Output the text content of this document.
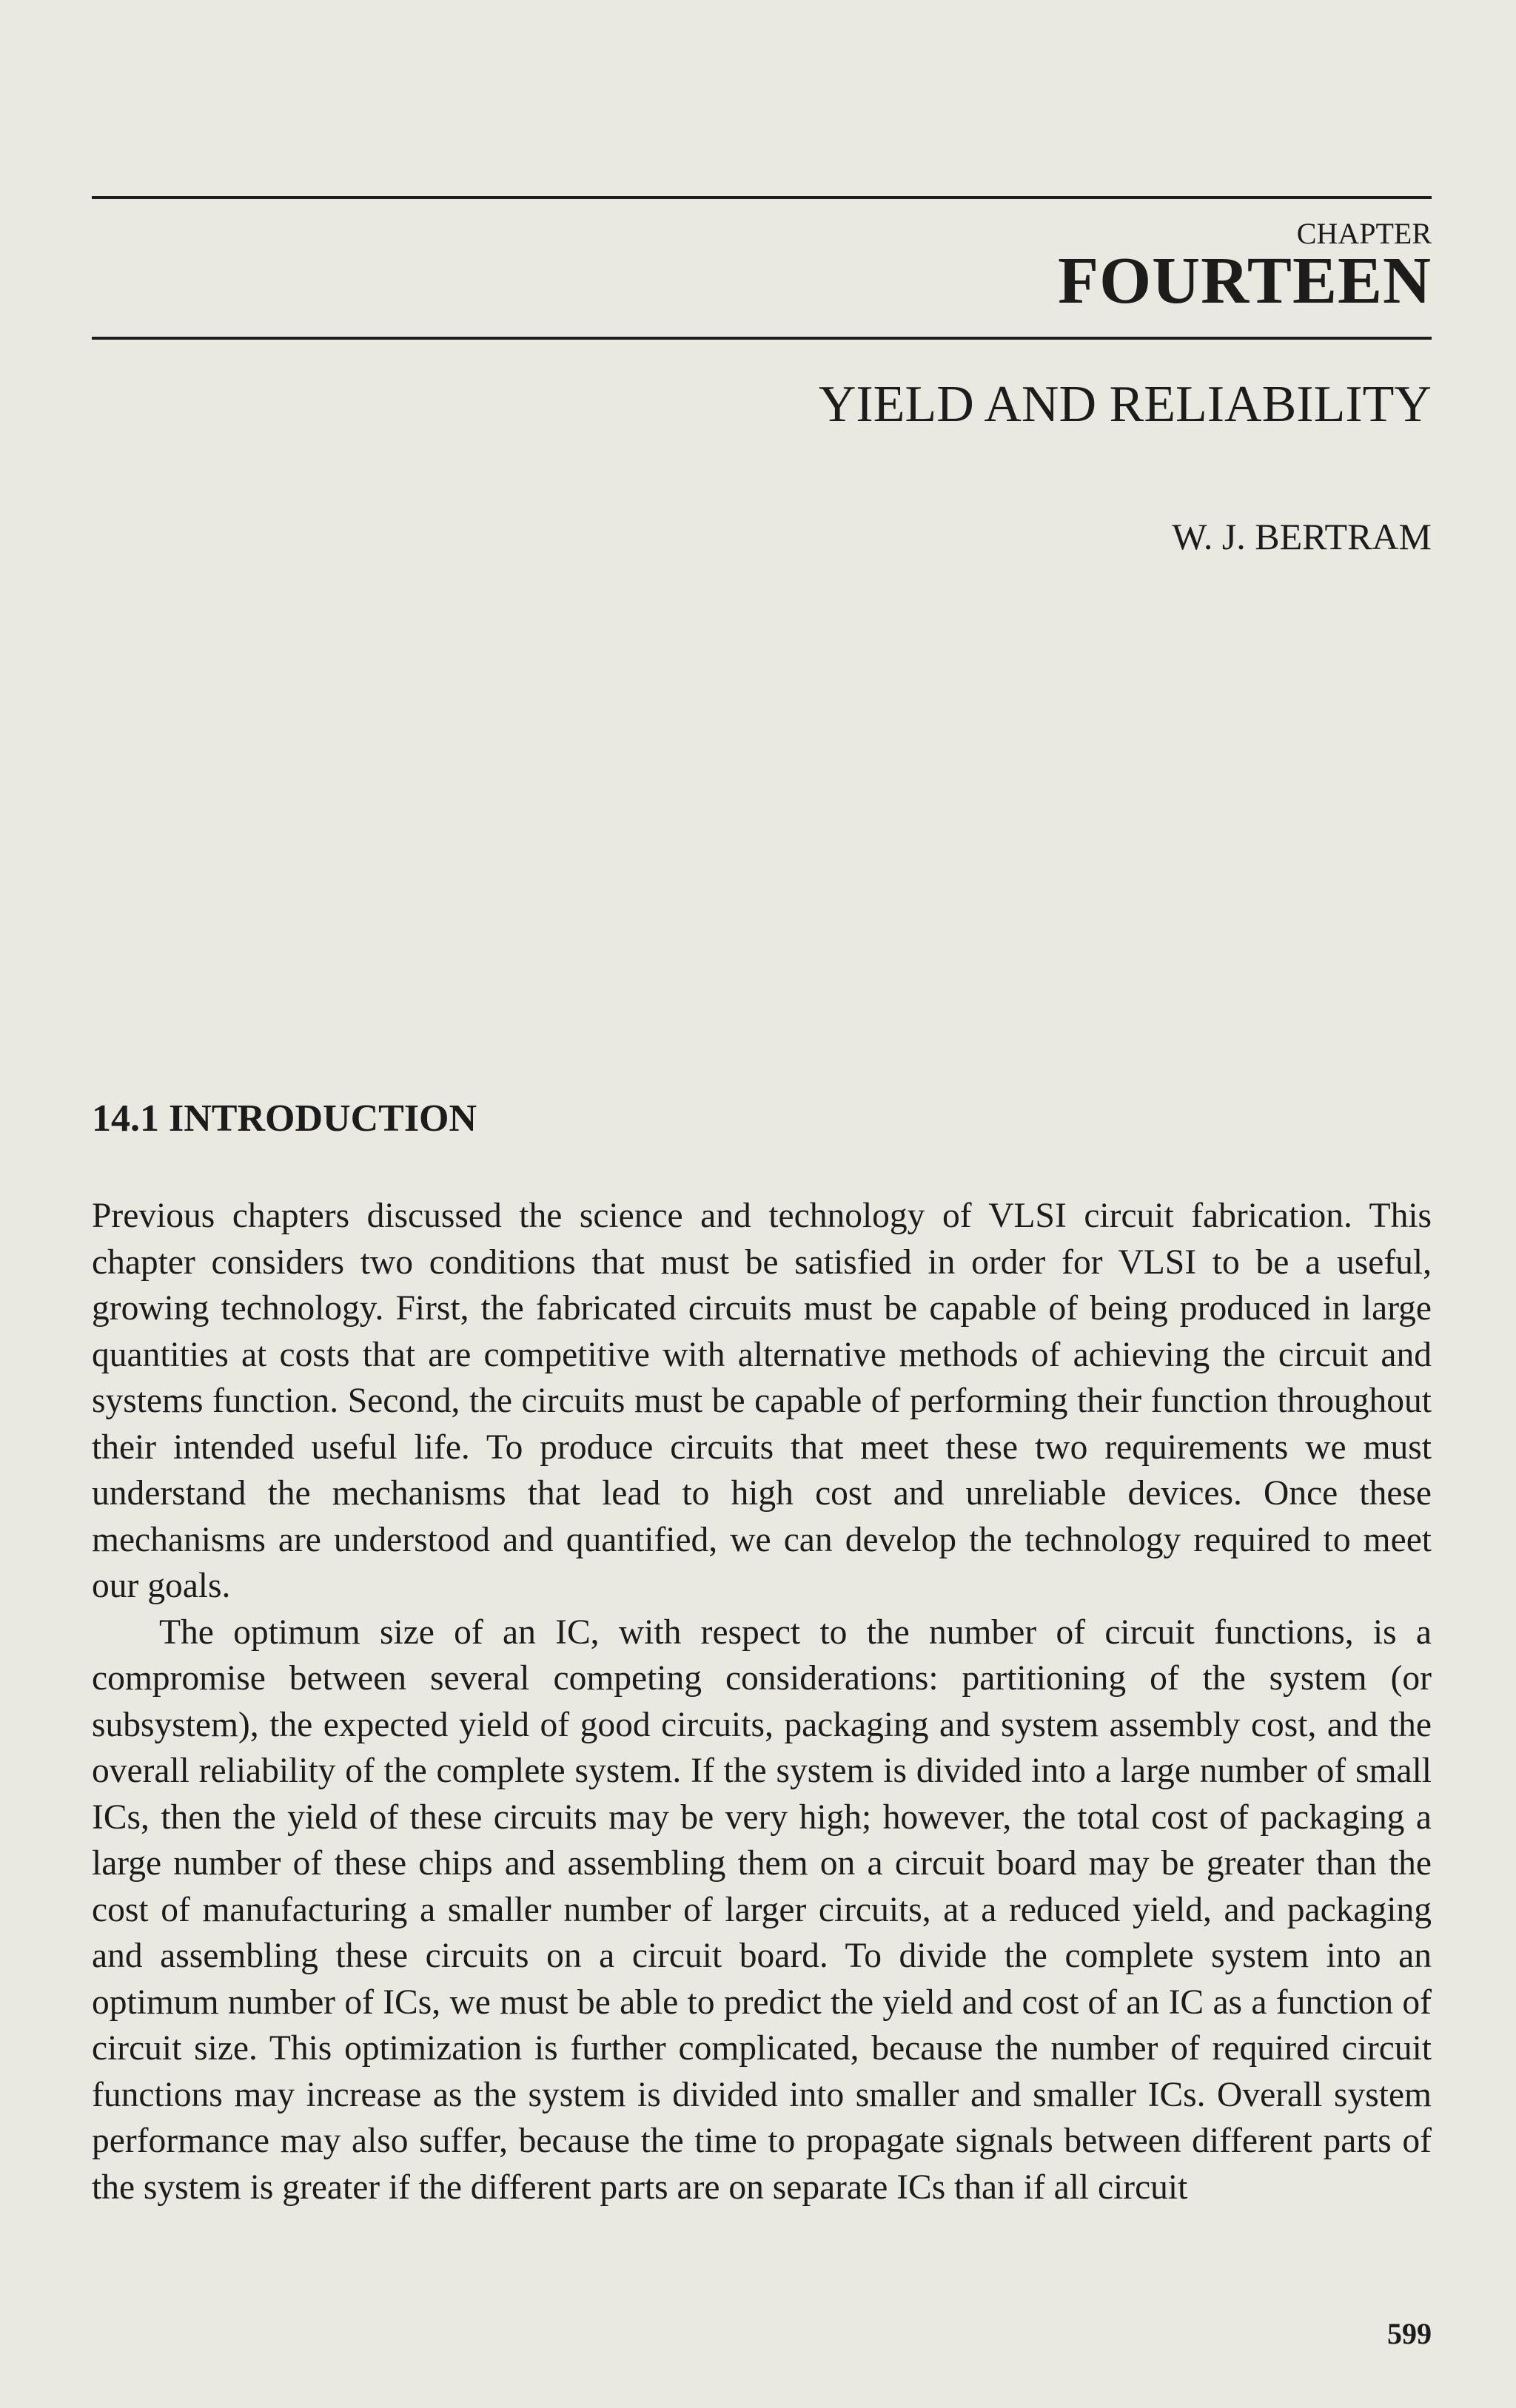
CHAPTER
FOURTEEN
YIELD AND RELIABILITY
W. J. BERTRAM
14.1 INTRODUCTION

Previous chapters discussed the science and technology of VLSI circuit fabrication. This chapter considers two conditions that must be satisfied in order for VLSI to be a useful, growing technology. First, the fabricated circuits must be capable of being produced in large quantities at costs that are competitive with alternative methods of achieving the circuit and systems function. Second, the circuits must be capable of performing their function throughout their intended useful life. To produce circuits that meet these two requirements we must understand the mechanisms that lead to high cost and unreliable devices. Once these mechanisms are understood and quantified, we can develop the technology required to meet our goals.

The optimum size of an IC, with respect to the number of circuit functions, is a compromise between several competing considerations: partitioning of the system (or subsystem), the expected yield of good circuits, packaging and system assembly cost, and the overall reliability of the complete system. If the system is divided into a large number of small ICs, then the yield of these circuits may be very high; however, the total cost of packaging a large number of these chips and assembling them on a circuit board may be greater than the cost of manufacturing a smaller number of larger circuits, at a reduced yield, and packaging and assembling these circuits on a circuit board. To divide the complete system into an optimum number of ICs, we must be able to predict the yield and cost of an IC as a function of circuit size. This optimization is further complicated, because the number of required circuit functions may increase as the system is divided into smaller and smaller ICs. Overall system performance may also suffer, because the time to propagate signals between different parts of the system is greater if the different parts are on separate ICs than if all circuit

599
